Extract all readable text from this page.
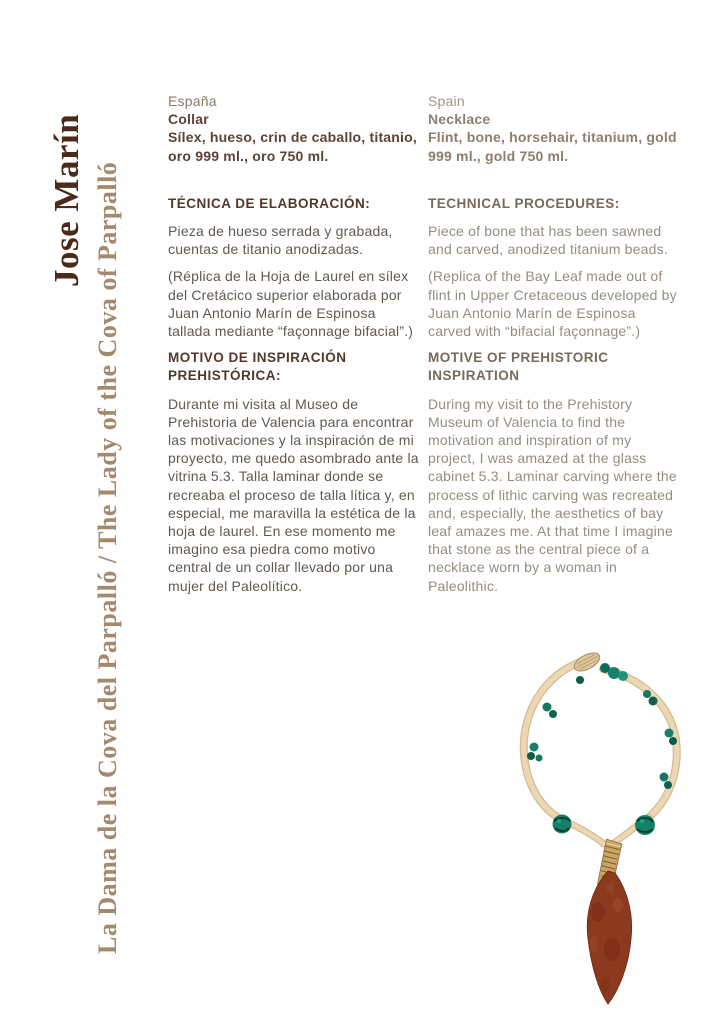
Jose Marín La Dama de la Cova del Parpalló / The Lady of the Cova of Parpalló

España

Collar

Sílex, hueso, crin de caballo, titanio, oro 999 ml., oro 750 ml.

TÉCNICA DE ELABORACIÓN:

Pieza de hueso serrada y grabada, cuentas de titanio anodizadas.

(Réplica de la Hoja de Laurel en sílex del Cretácico superior elaborada por Juan Antonio Marín de Espinosa tallada mediante “façonnage bifacial”.)

MOTIVO DE INSPIRACIÓN PREHISTÓRICA:

Durante mi visita al Museo de Prehistoria de Valencia para encontrar las motivaciones y la inspiración de mi proyecto, me quedo asombrado ante la vitrina 5.3. Talla laminar donde se recreaba el proceso de talla lítica y, en especial, me maravilla la estética de la hoja de laurel. En ese momento me imagino esa piedra como motivo central de un collar llevado por una mujer del Paleolítico.

Spain

Necklace

Flint, bone, horsehair, titanium, gold 999 ml., gold 750 ml.

TECHNICAL PROCEDURES:

Piece of bone that has been sawned and carved, anodized titanium beads.

(Replica of the Bay Leaf made out of flint in Upper Cretaceous developed by Juan Antonio Marín de Espinosa carved with “bifacial façonnage”.)

MOTIVE OF PREHISTORIC INSPIRATION

During my visit to the Prehistory Museum of Valencia to find the motivation and inspiration of my project, I was amazed at the glass cabinet 5.3. Laminar carving where the process of lithic carving was recreated and, especially, the aesthetics of bay leaf amazes me. At that time I imagine that stone as the central piece of a necklace worn by a woman in Paleolithic.
